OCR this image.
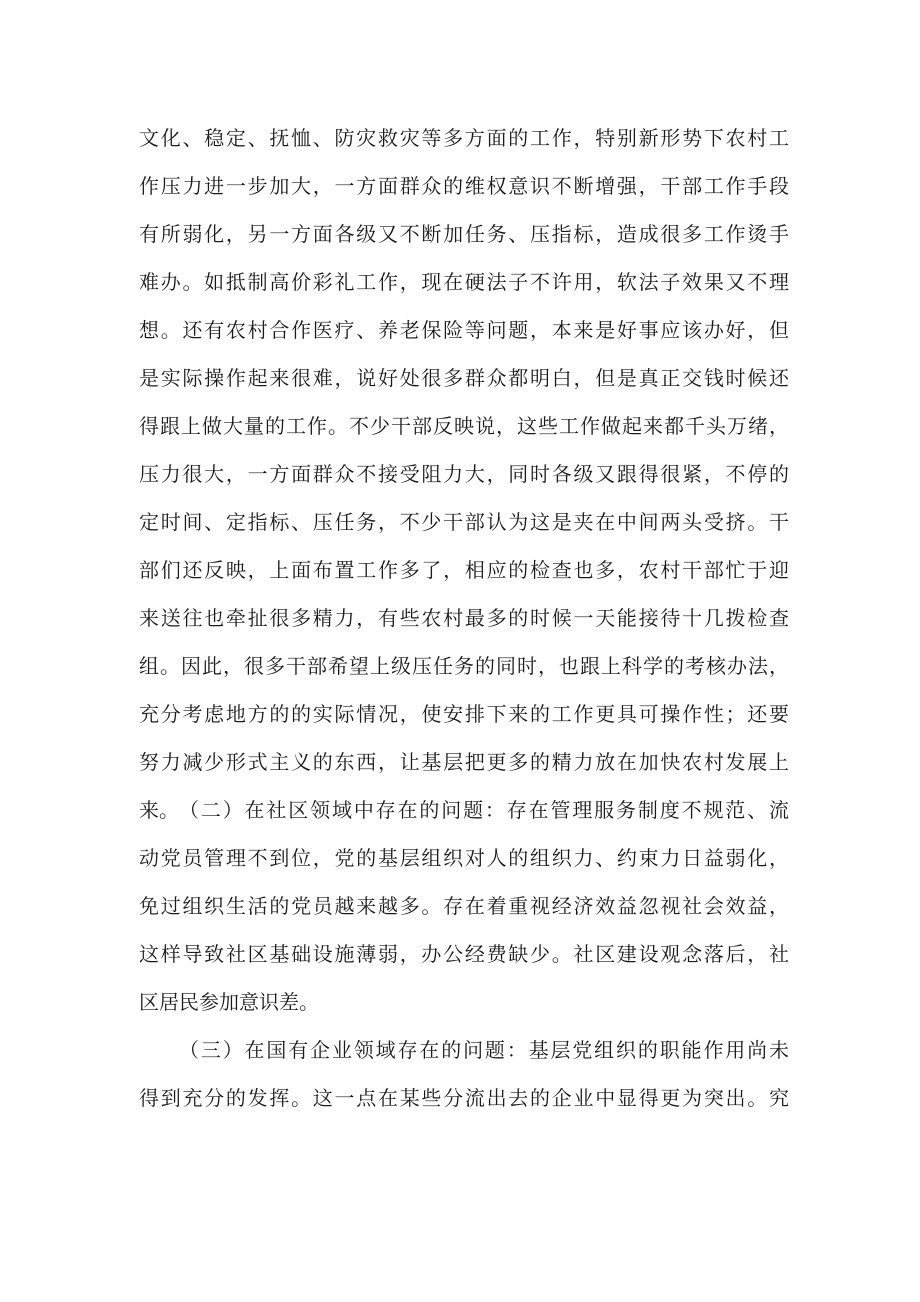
文化、稳定、抚恤、防灾救灾等多方面的工作，特别新形势下农村工
作压力进一步加大，一方面群众的维权意识不断增强，干部工作手段
有所弱化，另一方面各级又不断加任务、压指标，造成很多工作烫手
难办。如抵制高价彩礼工作，现在硬法子不许用，软法子效果又不理
想。还有农村合作医疗、养老保险等问题，本来是好事应该办好，但
是实际操作起来很难，说好处很多群众都明白，但是真正交钱时候还
得跟上做大量的工作。不少干部反映说，这些工作做起来都千头万绪，
压力很大，一方面群众不接受阻力大，同时各级又跟得很紧，不停的
定时间、定指标、压任务，不少干部认为这是夹在中间两头受挤。干
部们还反映，上面布置工作多了，相应的检查也多，农村干部忙于迎
来送往也牵扯很多精力，有些农村最多的时候一天能接待十几拨检查
组。因此，很多干部希望上级压任务的同时，也跟上科学的考核办法，
充分考虑地方的的实际情况，使安排下来的工作更具可操作性；还要
努力减少形式主义的东西，让基层把更多的精力放在加快农村发展上
来。 （二）在社区领域中存在的问题：存在管理服务制度不规范、流
动党员管理不到位，党的基层组织对人的组织力、约束力日益弱化，
免过组织生活的党员越来越多。存在着重视经济效益忽视社会效益，
这样导致社区基础设施薄弱，办公经费缺少。社区建设观念落后，社
区居民参加意识差。
（三）在国有企业领域存在的问题：基层党组织的职能作用尚未
得到充分的发挥。这一点在某些分流出去的企业中显得更为突出。究
